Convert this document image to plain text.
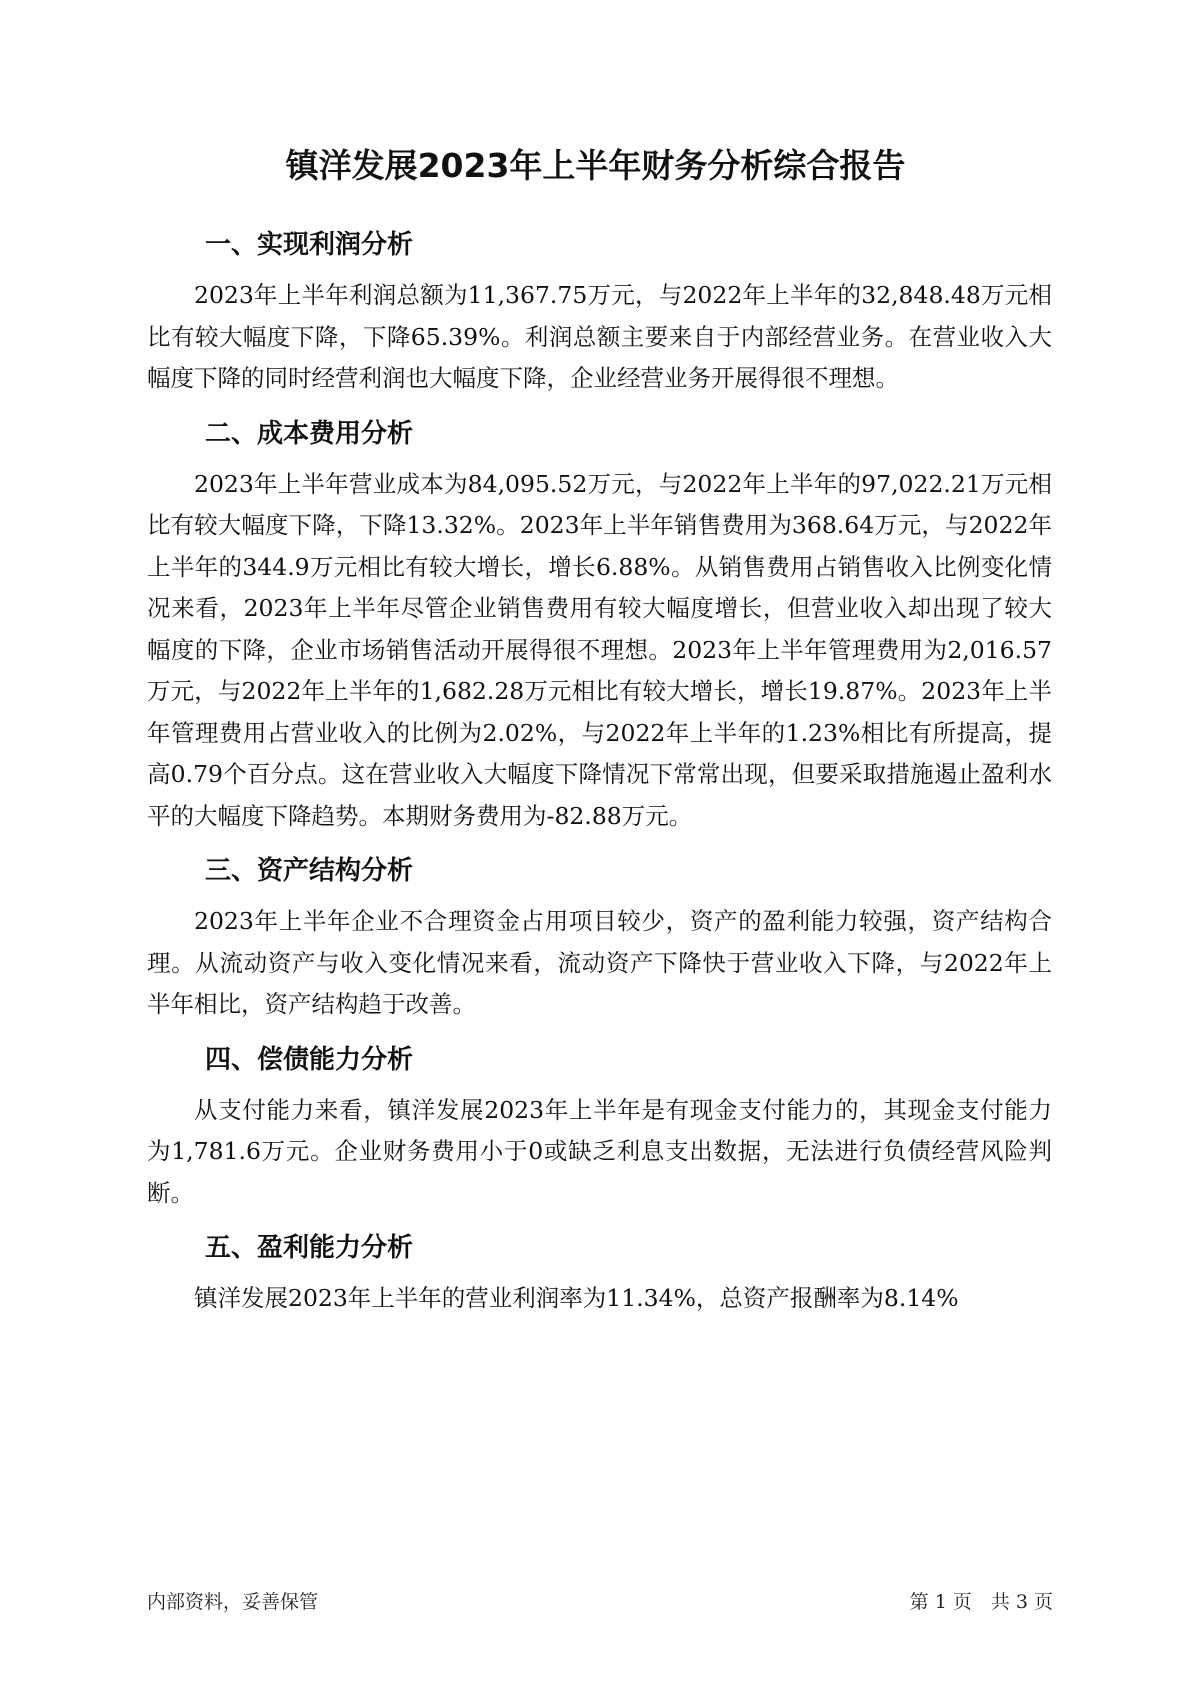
镇洋发展2023年上半年财务分析综合报告
一、实现利润分析

2023年上半年利润总额为11,367.75万元，与2022年上半年的32,848.48万元相比有较大幅度下降，下降65.39%。利润总额主要来自于内部经营业务。在营业收入大幅度下降的同时经营利润也大幅度下降，企业经营业务开展得很不理想。

二、成本费用分析

2023年上半年营业成本为84,095.52万元，与2022年上半年的97,022.21万元相比有较大幅度下降，下降13.32%。2023年上半年销售费用为368.64万元，与2022年上半年的344.9万元相比有较大增长，增长6.88%。从销售费用占销售收入比例变化情况来看，2023年上半年尽管企业销售费用有较大幅度增长，但营业收入却出现了较大幅度的下降，企业市场销售活动开展得很不理想。2023年上半年管理费用为2,016.57万元，与2022年上半年的1,682.28万元相比有较大增长，增长19.87%。2023年上半年管理费用占营业收入的比例为2.02%，与2022年上半年的1.23%相比有所提高，提高0.79个百分点。这在营业收入大幅度下降情况下常常出现，但要采取措施遏止盈利水平的大幅度下降趋势。本期财务费用为-82.88万元。

三、资产结构分析

2023年上半年企业不合理资金占用项目较少，资产的盈利能力较强，资产结构合理。从流动资产与收入变化情况来看，流动资产下降快于营业收入下降，与2022年上半年相比，资产结构趋于改善。

四、偿债能力分析

从支付能力来看，镇洋发展2023年上半年是有现金支付能力的，其现金支付能力为1,781.6万元。企业财务费用小于0或缺乏利息支出数据，无法进行负债经营风险判断。

五、盈利能力分析

镇洋发展2023年上半年的营业利润率为11.34%，总资产报酬率为8.14%

内部资料，妥善保管	第 1 页　共 3 页
